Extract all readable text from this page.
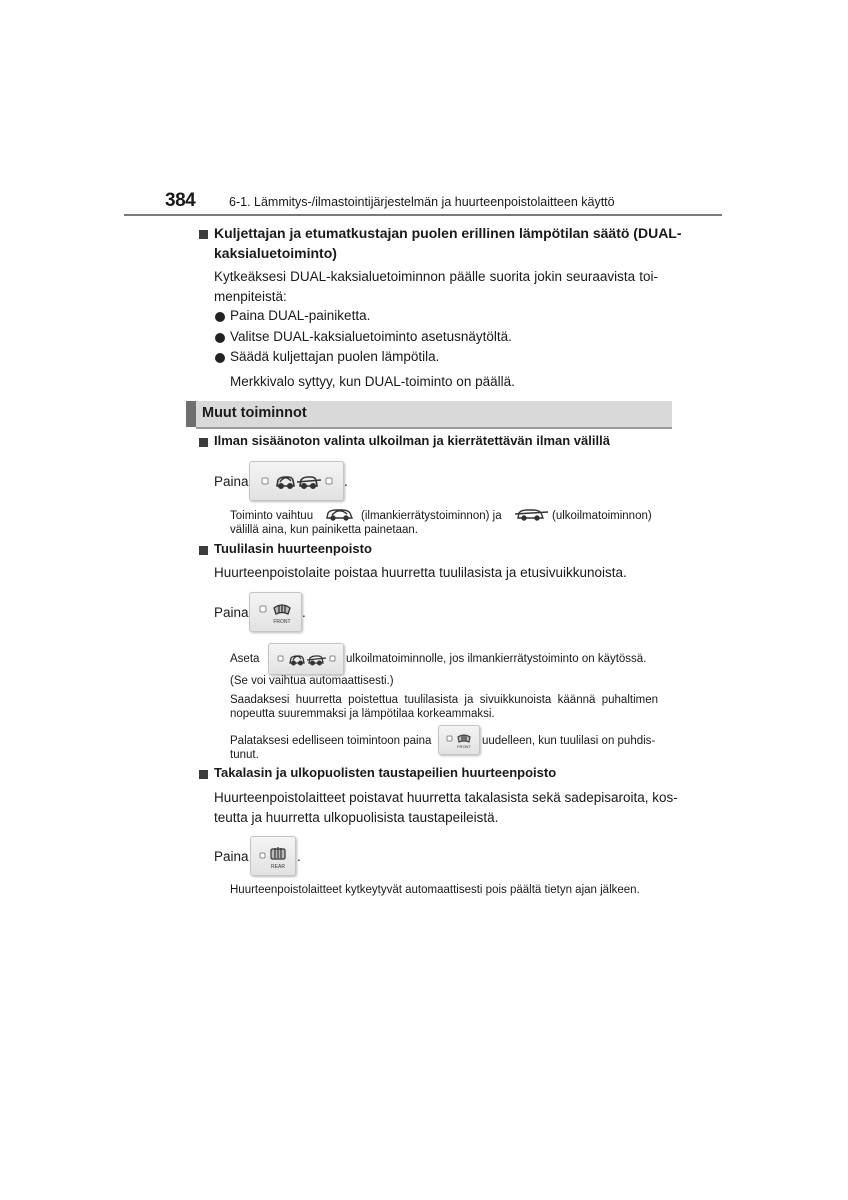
384	6-1. Lämmitys-/ilmastointijärjestelmän ja huurteenpoistolaitteen käyttö
Kuljettajan ja etumatkustajan puolen erillinen lämpötilan säätö (DUAL-
kaksialuetoiminto)
Kytkeäksesi DUAL-kaksialuetoiminnon päälle suorita jokin seuraavista toi-
menpiteistä:
Paina DUAL-painiketta.
Valitse DUAL-kaksialuetoiminto asetusnäytöltä.
Säädä kuljettajan puolen lämpötila.
Merkkivalo syttyy, kun DUAL-toiminto on päällä.
Muut toiminnot
Ilman sisäänoton valinta ulkoilman ja kierrätettävän ilman välillä
Paina	.
Toiminto vaihtuu	(ilmankierrätystoiminnon) ja	(ulkoilmatoiminnon)
välillä aina, kun painiketta painetaan.
Tuulilasin huurteenpoisto
Huurteenpoistolaite poistaa huurretta tuulilasista ja etusivuikkunoista.
Paina
FRONT
.
Aseta	ulkoilmatoiminnolle, jos ilmankierrätystoiminto on käytössä.
(Se voi vaihtua automaattisesti.)
Saadaksesi huurretta poistettua tuulilasista ja sivuikkunoista käännä puhaltimen
nopeutta suuremmaksi ja lämpötilaa korkeammaksi.
Palataksesi edelliseen toimintoon paina	FRONT uudelleen, kun tuulilasi on puhdis-
tunut.
Takalasin ja ulkopuolisten taustapeilien huurteenpoisto
Huurteenpoistolaitteet poistavat huurretta takalasista sekä sadepisaroita, kos-
teutta ja huurretta ulkopuolisista taustapeileistä.
Paina
REAR
.
Huurteenpoistolaitteet kytkeytyvät automaattisesti pois päältä tietyn ajan jälkeen.
